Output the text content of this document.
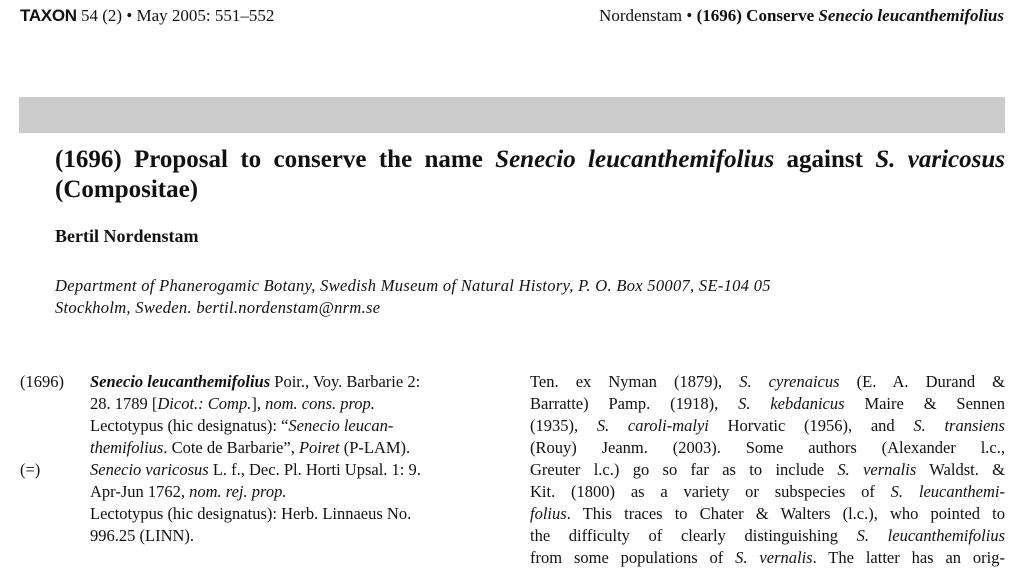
TAXON 54 (2) • May 2005: 551–552	Nordenstam • (1696) Conserve Senecio leucanthemifolius
(1696) Proposal to conserve the name Senecio leucanthemifolius against S. varicosus (Compositae)

Bertil Nordenstam

Department of Phanerogamic Botany, Swedish Museum of Natural History, P. O. Box 50007, SE-104 05
Stockholm, Sweden. bertil.nordenstam@nrm.se

(1696) Senecio leucanthemifolius Poir., Voy. Barbarie 2:
28. 1789 [Dicot.: Comp.], nom. cons. prop.
Lectotypus (hic designatus): “Senecio leucan-
themifolius. Cote de Barbarie”, Poiret (P-LAM).
(=)	Senecio varicosus L. f., Dec. Pl. Horti Upsal. 1: 9.
Apr-Jun 1762, nom. rej. prop.
Lectotypus (hic designatus): Herb. Linnaeus No.
996.25 (LINN).
Ten. ex Nyman (1879), S. cyrenaicus (E. A. Durand &
Barratte) Pamp. (1918), S. kebdanicus Maire & Sennen
(1935), S. caroli-malyi Horvatic (1956), and S. transiens
(Rouy) Jeanm. (2003). Some authors (Alexander l.c.,
Greuter l.c.) go so far as to include S. vernalis Waldst. &
Kit. (1800) as a variety or subspecies of S. leucanthemi-
folius. This traces to Chater & Walters (l.c.), who pointed to
the difficulty of clearly distinguishing S. leucanthemifolius
from some populations of S. vernalis. The latter has an orig-
